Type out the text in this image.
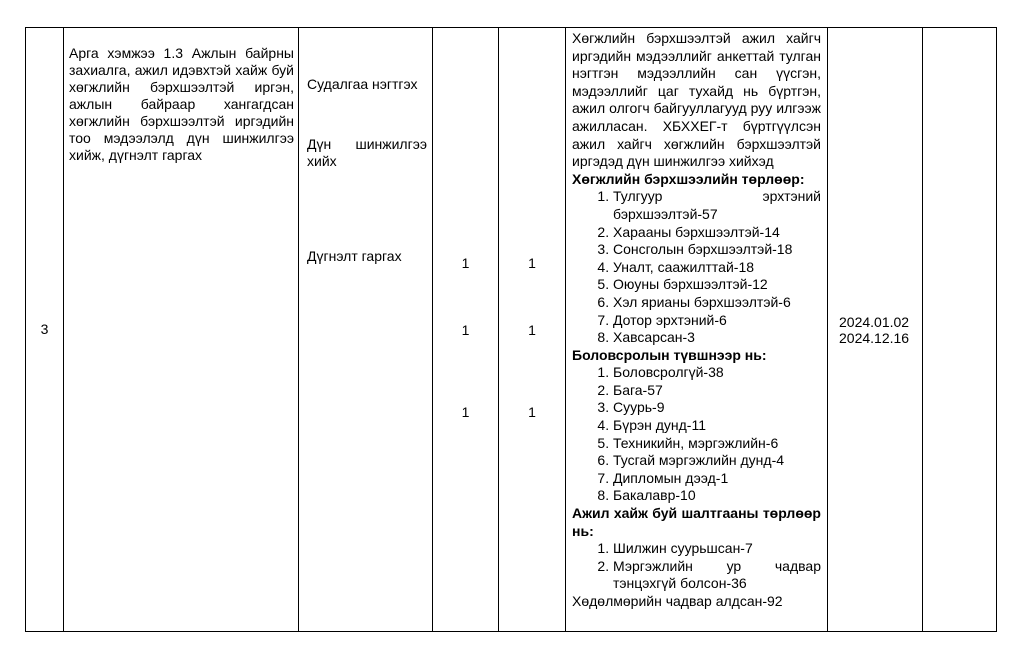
3
Арга хэмжээ 1.3 Ажлын байрны захиалга, ажил идэвхтэй хайж буй хөгжлийн бэрхшээлтэй иргэн, ажлын байраар хангагдсан хөгжлийн бэрхшээлтэй иргэдийн тоо мэдээлэлд дүн шинжилгээ хийж, дүгнэлт гаргах
Судалгаа нэгтгэх
Дүн шинжилгээ хийх
Дүгнэлт гаргах	1
1
1
1
1
1

Хөгжлийн бэрхшээлтэй ажил хайгч иргэдийн мэдээллийг анкеттай тулган нэгтгэн мэдээллийн сан үүсгэн, мэдээллийг цаг тухайд нь бүртгэн, ажил олгогч байгууллагууд руу илгээж ажилласан. ХБХХЕГ-т бүртгүүлсэн ажил хайгч хөгжлийн бэрхшээлтэй иргэдэд дүн шинжилгээ хийхэд

Хөгжлийн бэрхшээлийн төрлөөр:

1. Тулгуур эрхтэний бэрхшээлтэй-57
2. Харааны бэрхшээлтэй-14
3. Сонсголын бэрхшээлтэй-18
4. Уналт, саажилттай-18
5. Оюуны бэрхшээлтэй-12
6. Хэл ярианы бэрхшээлтэй-6
7. Дотор эрхтэний-6
8. Хавсарсан-3

Боловсролын түвшнээр нь:

1. Боловсролгүй-38
2. Бага-57
3. Суурь-9
4. Бүрэн дунд-11
5. Техникийн, мэргэжлийн-6
6. Тусгай мэргэжлийн дунд-4
7. Дипломын дээд-1
8. Бакалавр-10

Ажил хайж буй шалтгааны төрлөөр нь:

1. Шилжин суурьшсан-7
2. Мэргэжлийн ур чадвар тэнцэхгүй болсон-36

Хөдөлмөрийн чадвар алдсан-92

2024.01.02
2024.12.16
